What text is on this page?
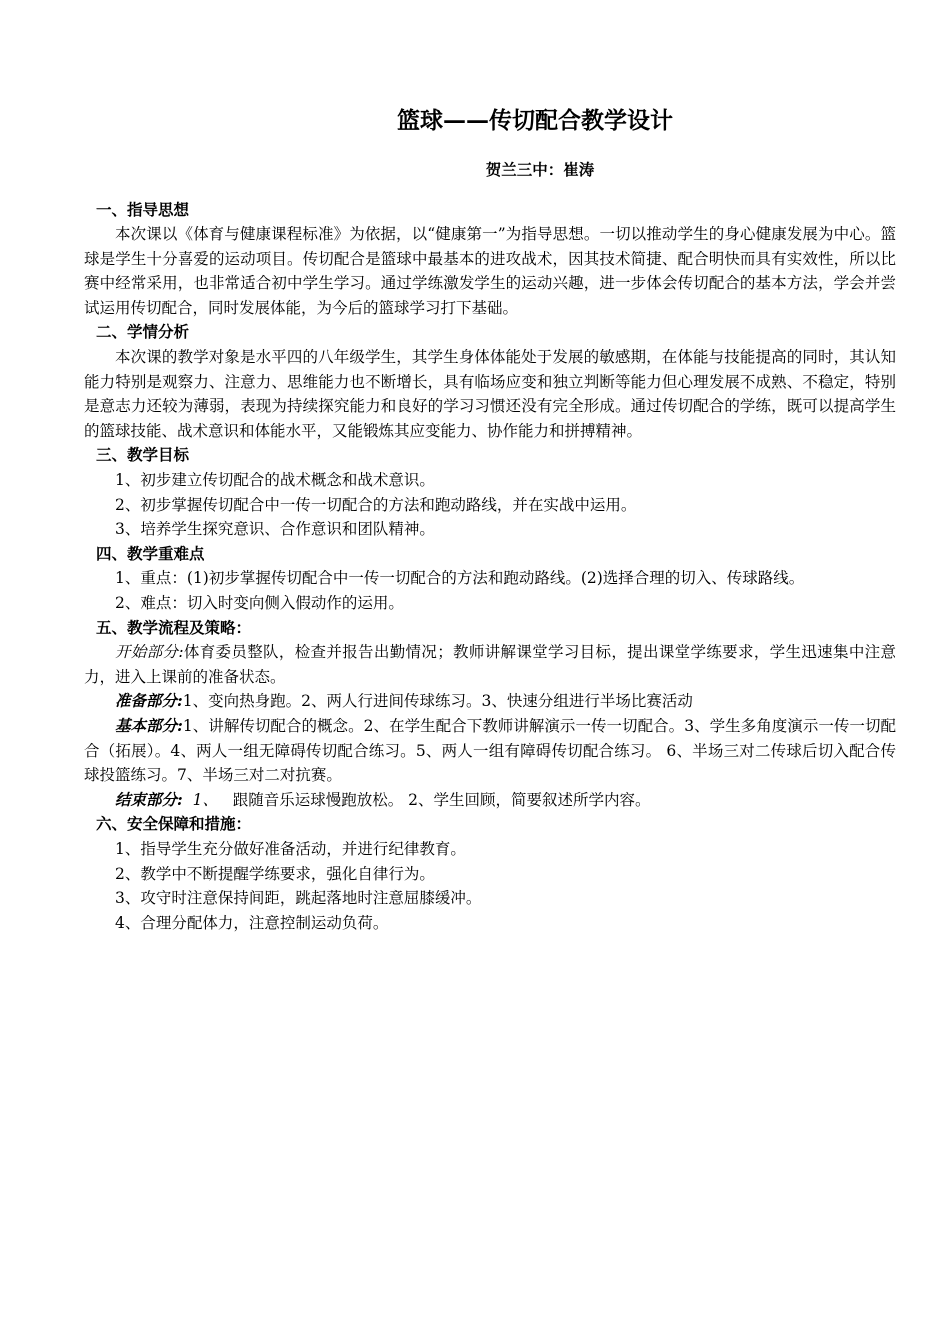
篮球——传切配合教学设计

贺兰三中：崔涛

一、指导思想

本次课以《体育与健康课程标准》为依据，以“健康第一”为指导思想。一切以推动学生的身心健康发展为中心。篮球是学生十分喜爱的运动项目。传切配合是篮球中最基本的进攻战术，因其技术简捷、配合明快而具有实效性，所以比赛中经常采用，也非常适合初中学生学习。通过学练激发学生的运动兴趣，进一步体会传切配合的基本方法，学会并尝试运用传切配合，同时发展体能，为今后的篮球学习打下基础。

二、学情分析

本次课的教学对象是水平四的八年级学生，其学生身体体能处于发展的敏感期，在体能与技能提高的同时，其认知能力特别是观察力、注意力、思维能力也不断增长，具有临场应变和独立判断等能力但心理发展不成熟、不稳定，特别是意志力还较为薄弱，表现为持续探究能力和良好的学习习惯还没有完全形成。通过传切配合的学练，既可以提高学生的篮球技能、战术意识和体能水平，又能锻炼其应变能力、协作能力和拼搏精神。

三、教学目标

1、初步建立传切配合的战术概念和战术意识。

2、初步掌握传切配合中一传一切配合的方法和跑动路线，并在实战中运用。

3、培养学生探究意识、合作意识和团队精神。

四、教学重难点

1、重点：(1)初步掌握传切配合中一传一切配合的方法和跑动路线。(2)选择合理的切入、传球路线。

2、难点：切入时变向侧入假动作的运用。

五、教学流程及策略：

开始部分:体育委员整队，检查并报告出勤情况；教师讲解课堂学习目标，提出课堂学练要求，学生迅速集中注意力，进入上课前的准备状态。

准备部分:1、变向热身跑。2、两人行进间传球练习。3、快速分组进行半场比赛活动

基本部分:1、讲解传切配合的概念。2、在学生配合下教师讲解演示一传一切配合。3、学生多角度演示一传一切配合（拓展）。4、两人一组无障碍传切配合练习。5、两人一组有障碍传切配合练习。 6、半场三对二传球后切入配合传球投篮练习。7、半场三对二对抗赛。

结束部分: 1、 跟随音乐运球慢跑放松。 2、学生回顾，简要叙述所学内容。

六、安全保障和措施：

1、指导学生充分做好准备活动，并进行纪律教育。

2、教学中不断提醒学练要求，强化自律行为。

3、攻守时注意保持间距，跳起落地时注意屈膝缓冲。

4、合理分配体力，注意控制运动负荷。
